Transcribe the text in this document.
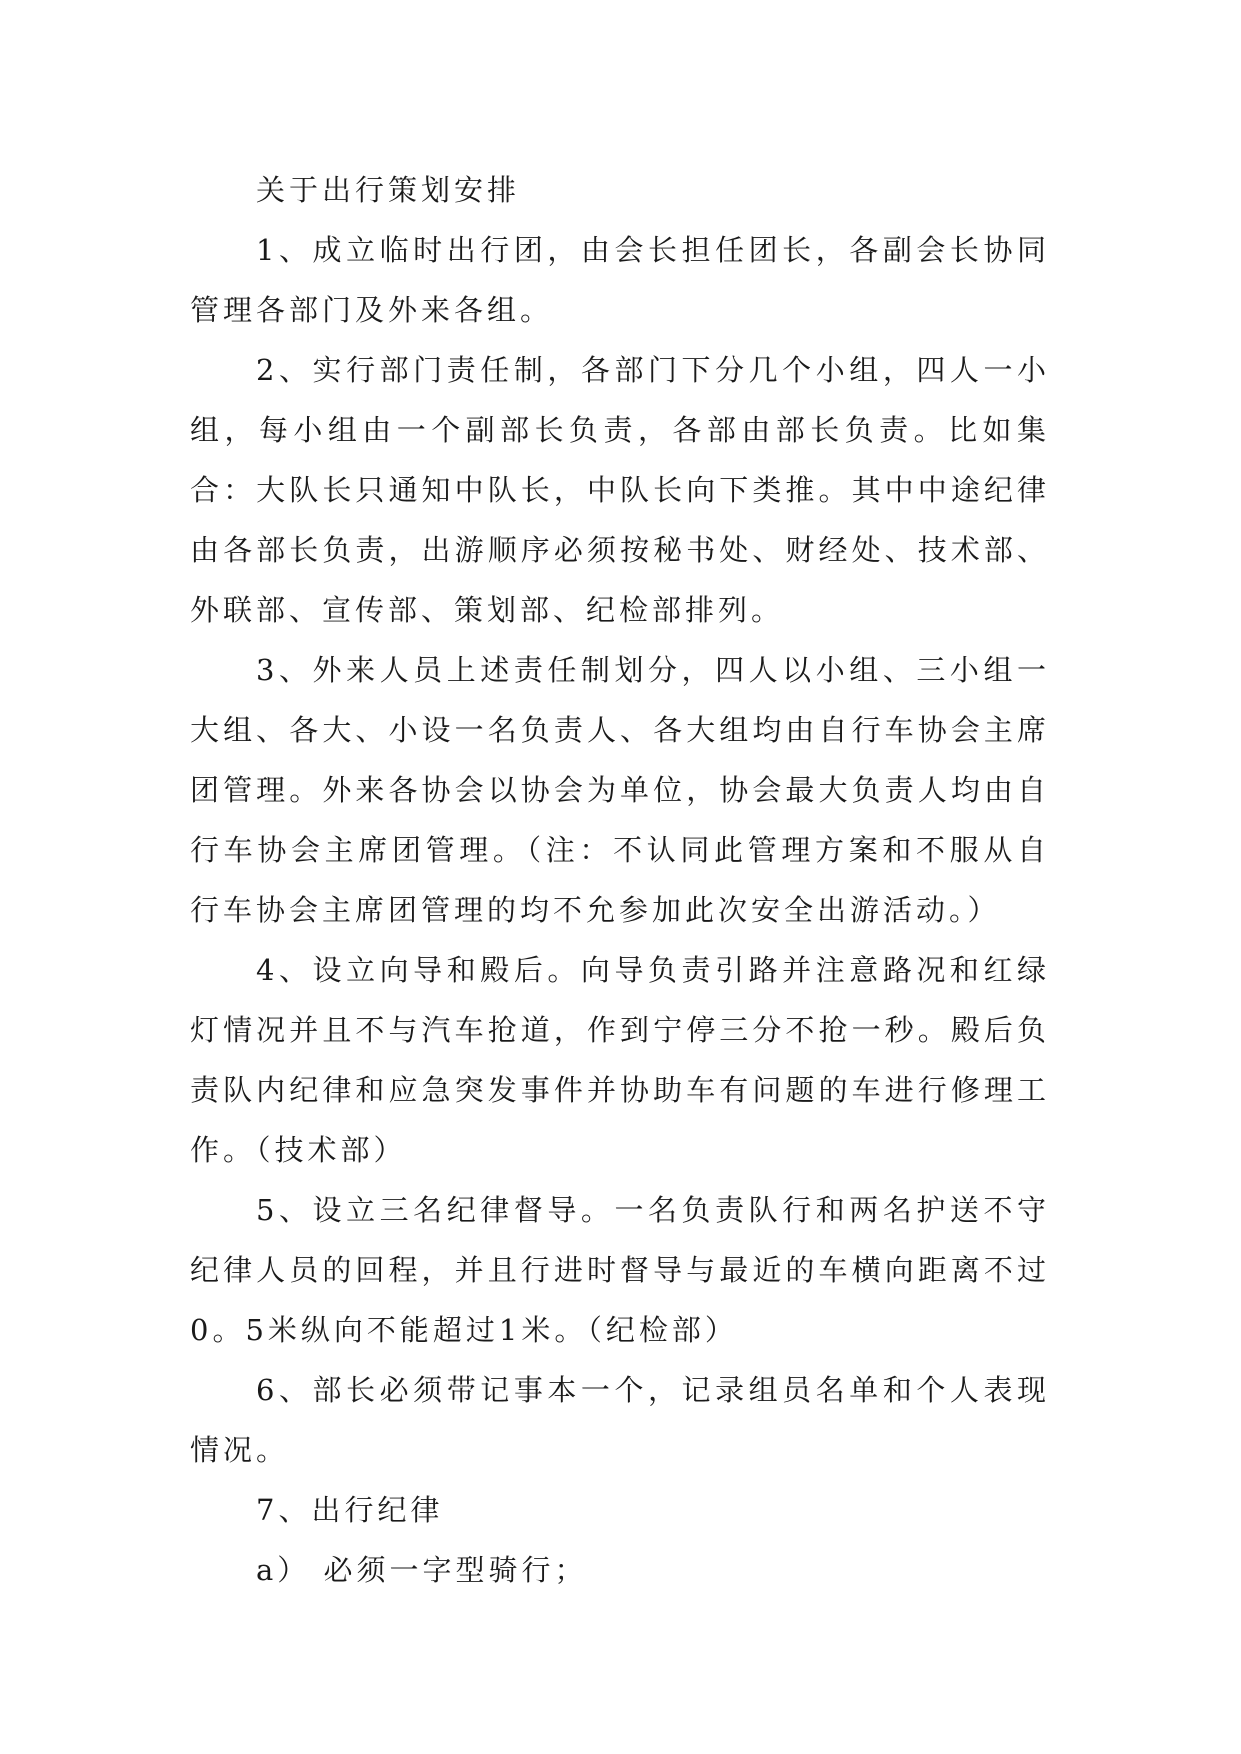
关于出行策划安排

1、成立临时出行团，由会长担任团长，各副会长协同管理各部门及外来各组。

2、实行部门责任制，各部门下分几个小组，四人一小组，每小组由一个副部长负责，各部由部长负责。比如集合：大队长只通知中队长，中队长向下类推。其中中途纪律由各部长负责，出游顺序必须按秘书处、财经处、技术部、外联部、宣传部、策划部、纪检部排列。

3、外来人员上述责任制划分，四人以小组、三小组一大组、各大、小设一名负责人、各大组均由自行车协会主席团管理。外来各协会以协会为单位，协会最大负责人均由自行车协会主席团管理。（注：不认同此管理方案和不服从自行车协会主席团管理的均不允参加此次安全出游活动。）

4、设立向导和殿后。向导负责引路并注意路况和红绿灯情况并且不与汽车抢道，作到宁停三分不抢一秒。殿后负责队内纪律和应急突发事件并协助车有问题的车进行修理工作。（技术部）

5、设立三名纪律督导。一名负责队行和两名护送不守纪律人员的回程，并且行进时督导与最近的车横向距离不过0。5米纵向不能超过1米。（纪检部）

6、部长必须带记事本一个，记录组员名单和个人表现情况。

7、出行纪律

a） 必须一字型骑行；
